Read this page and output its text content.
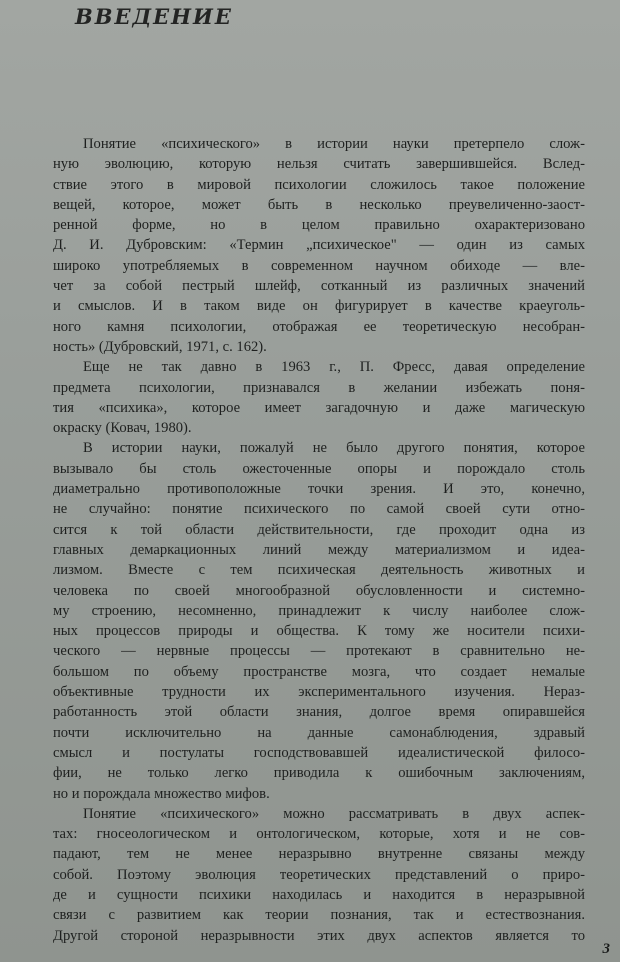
ВВЕДЕНИЕ
Понятие «психического» в истории науки претерпело слож-
ную эволюцию, которую нельзя считать завершившейся. Вслед-
ствие этого в мировой психологии сложилось такое положение
вещей, которое, может быть в несколько преувеличенно-заост-
ренной форме, но в целом правильно охарактеризовано
Д. И. Дубровским: «Термин „психическое" — один из самых
широко употребляемых в современном научном обиходе — вле-
чет за собой пестрый шлейф, сотканный из различных значений
и смыслов. И в таком виде он фигурирует в качестве краеуголь-
ного камня психологии, отображая ее теоретическую несобран-
ность» (Дубровский, 1971, с. 162).
Еще не так давно в 1963 г., П. Фресс, давая определение
предмета психологии, признавался в желании избежать поня-
тия «психика», которое имеет загадочную и даже магическую
окраску (Ковач, 1980).
В истории науки, пожалуй не было другого понятия, которое
вызывало бы столь ожесточенные опоры и порождало столь
диаметрально противоположные точки зрения. И это, конечно,
не случайно: понятие психического по самой своей сути отно-
сится к той области действительности, где проходит одна из
главных демаркационных линий между материализмом и идеа-
лизмом. Вместе с тем психическая деятельность животных и
человека по своей многообразной обусловленности и системно-
му строению, несомненно, принадлежит к числу наиболее слож-
ных процессов природы и общества. К тому же носители психи-
ческого — нервные процессы — протекают в сравнительно не-
большом по объему пространстве мозга, что создает немалые
объективные трудности их экспериментального изучения. Нераз-
работанность этой области знания, долгое время опиравшейся
почти исключительно на данные самонаблюдения, здравый
смысл и постулаты господствовавшей идеалистической филосо-
фии, не только легко приводила к ошибочным заключениям,
но и порождала множество мифов.
Понятие «психического» можно рассматривать в двух аспек-
тах: гносеологическом и онтологическом, которые, хотя и не сов-
падают, тем не менее неразрывно внутренне связаны между
собой. Поэтому эволюция теоретических представлений о приро-
де и сущности психики находилась и находится в неразрывной
связи с развитием как теории познания, так и естествознания.
Другой стороной неразрывности этих двух аспектов является то
3
